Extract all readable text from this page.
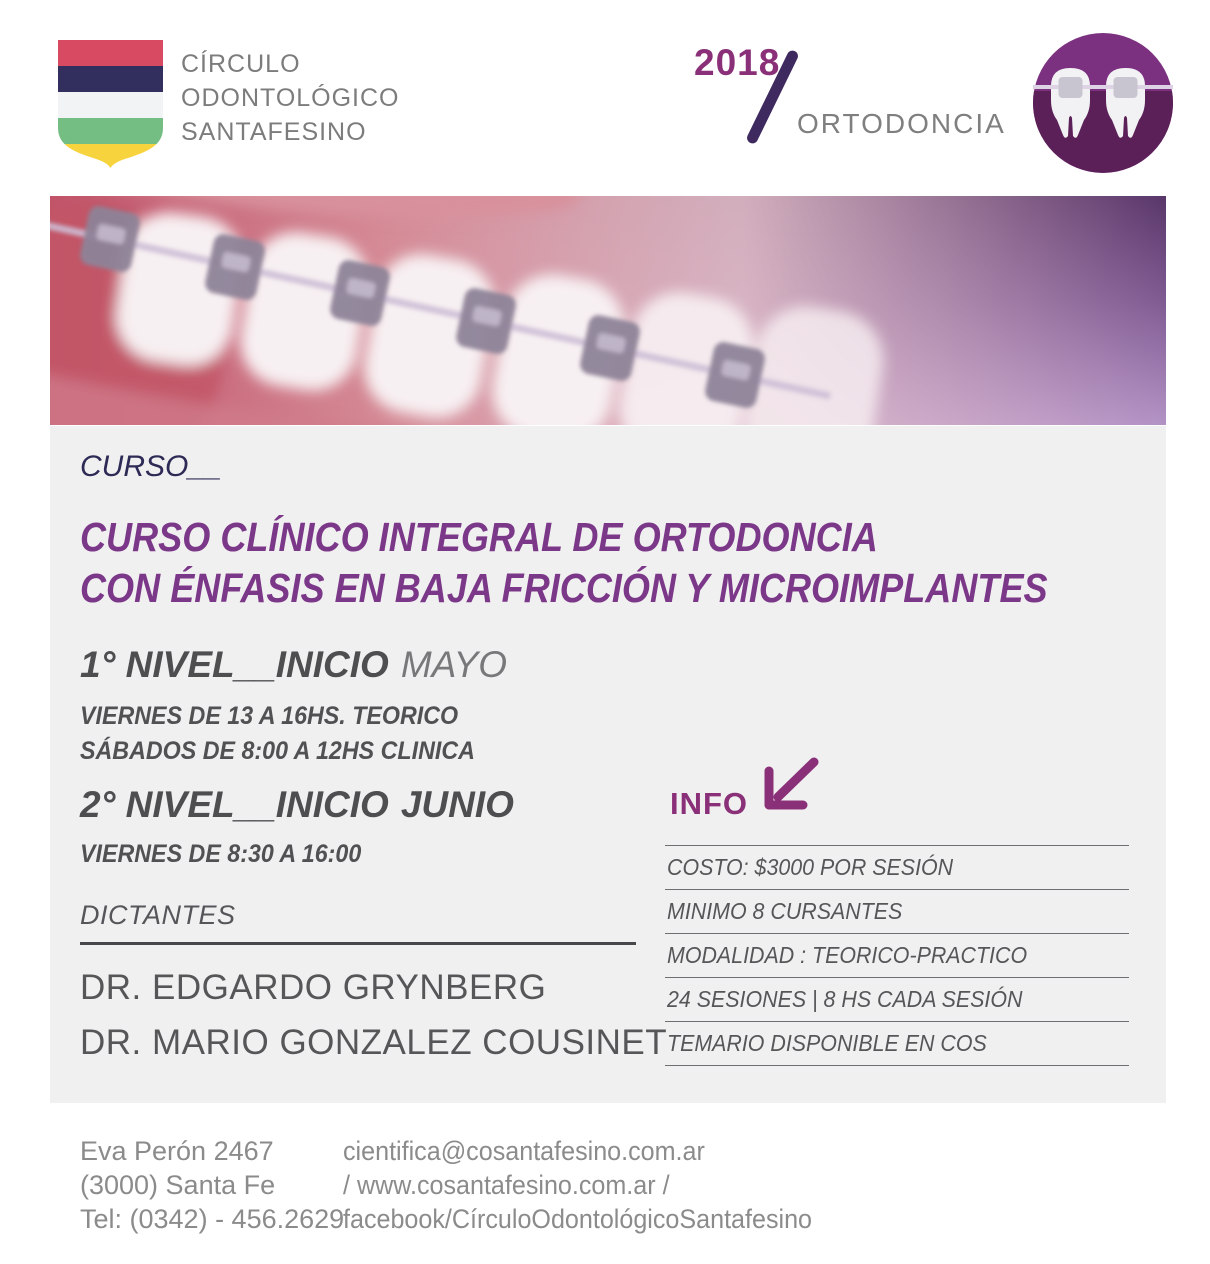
CÍRCULO
ODONTOLÓGICO
SANTAFESINO
2018
ORTODONCIA
CURSO__
CURSO CLÍNICO INTEGRAL DE ORTODONCIA
CON ÉNFASIS EN BAJA FRICCIÓN Y MICROIMPLANTES
1° NIVEL__INICIO MAYO
VIERNES DE 13 A 16HS. TEORICO
SÁBADOS DE 8:00 A 12HS CLINICA
2° NIVEL__INICIO JUNIO
VIERNES DE 8:30 A 16:00
DICTANTES
DR. EDGARDO GRYNBERG
DR. MARIO GONZALEZ COUSINET
INFO
COSTO: $3000 POR SESIÓN
MINIMO 8 CURSANTES
MODALIDAD : TEORICO-PRACTICO
24 SESIONES | 8 HS CADA SESIÓN
TEMARIO DISPONIBLE EN COS
Eva Perón 2467
(3000) Santa Fe
Tel: (0342) - 456.2629
cientifica@cosantafesino.com.ar
/ www.cosantafesino.com.ar /
facebook/CírculoOdontológicoSantafesino
